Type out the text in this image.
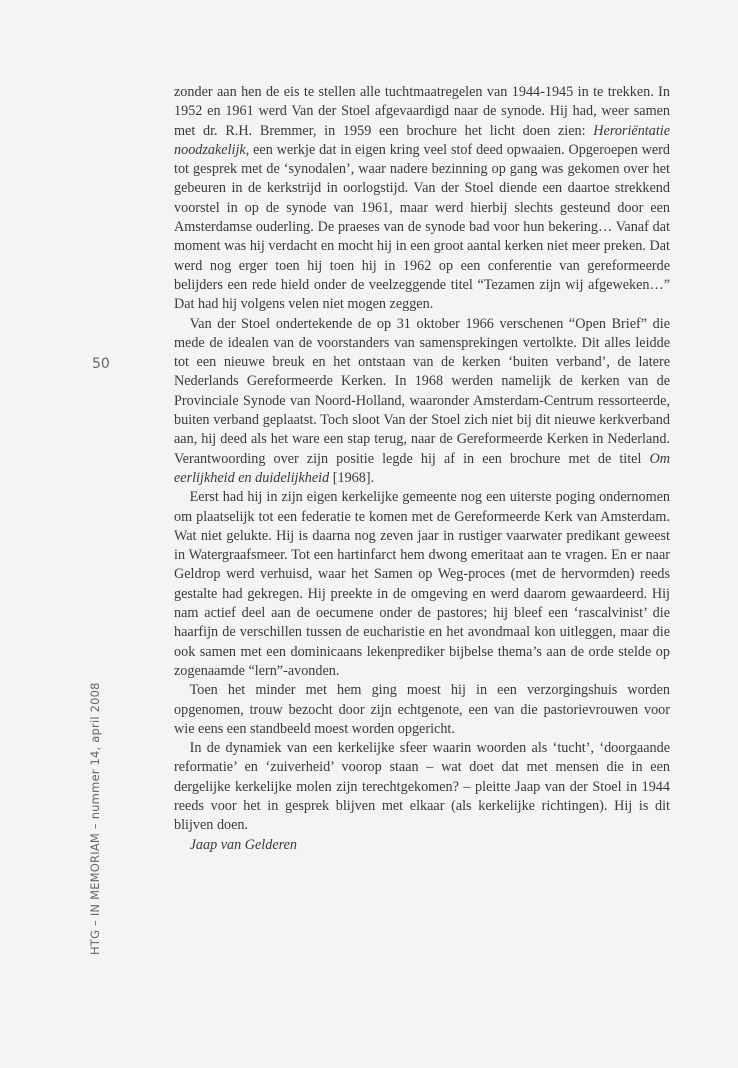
50
HTG – IN MEMORIAM – nummer 14, april 2008

zonder aan hen de eis te stellen alle tuchtmaatregelen van 1944-1945 in te trekken. In 1952 en 1961 werd Van der Stoel afgevaardigd naar de synode. Hij had, weer samen met dr. R.H. Bremmer, in 1959 een brochure het licht doen zien: Heroriëntatie noodzakelijk, een werkje dat in eigen kring veel stof deed opwaaien. Opgeroepen werd tot gesprek met de ‘synodalen’, waar nadere bezinning op gang was gekomen over het gebeuren in de kerkstrijd in oorlogstijd. Van der Stoel diende een daartoe strekkend voorstel in op de synode van 1961, maar werd hierbij slechts gesteund door een Amsterdamse ouderling. De praeses van de synode bad voor hun bekering… Vanaf dat moment was hij verdacht en mocht hij in een groot aantal kerken niet meer preken. Dat werd nog erger toen hij toen hij in 1962 op een conferentie van gereformeerde belijders een rede hield onder de veelzeggende titel “Tezamen zijn wij afgeweken…” Dat had hij volgens velen niet mogen zeggen.

Van der Stoel ondertekende de op 31 oktober 1966 verschenen “Open Brief” die mede de idealen van de voorstanders van samensprekingen vertolkte. Dit alles leidde tot een nieuwe breuk en het ontstaan van de kerken ‘buiten verband’, de latere Nederlands Gereformeerde Kerken. In 1968 werden namelijk de kerken van de Provinciale Synode van Noord-Holland, waaronder Amsterdam-Centrum ressorteerde, buiten verband geplaatst. Toch sloot Van der Stoel zich niet bij dit nieuwe kerkverband aan, hij deed als het ware een stap terug, naar de Gereformeerde Kerken in Nederland. Verantwoording over zijn positie legde hij af in een brochure met de titel Om eerlijkheid en duidelijkheid [1968].

Eerst had hij in zijn eigen kerkelijke gemeente nog een uiterste poging ondernomen om plaatselijk tot een federatie te komen met de Gereformeerde Kerk van Amsterdam. Wat niet gelukte. Hij is daarna nog zeven jaar in rustiger vaarwater predikant geweest in Watergraafsmeer. Tot een hartinfarct hem dwong emeritaat aan te vragen. En er naar Geldrop werd verhuisd, waar het Samen op Weg-proces (met de hervormden) reeds gestalte had gekregen. Hij preekte in de omgeving en werd daarom gewaardeerd. Hij nam actief deel aan de oecumene onder de pastores; hij bleef een ‘rascalvinist’ die haarfijn de verschillen tussen de eucharistie en het avondmaal kon uitleggen, maar die ook samen met een dominicaans lekenprediker bijbelse thema’s aan de orde stelde op zogenaamde “lern”-avonden.

Toen het minder met hem ging moest hij in een verzorgingshuis worden opgenomen, trouw bezocht door zijn echtgenote, een van die pastorievrouwen voor wie eens een standbeeld moest worden opgericht.

In de dynamiek van een kerkelijke sfeer waarin woorden als ‘tucht’, ‘doorgaande reformatie’ en ‘zuiverheid’ voorop staan – wat doet dat met mensen die in een dergelijke kerkelijke molen zijn terechtgekomen? – pleitte Jaap van der Stoel in 1944 reeds voor het in gesprek blijven met elkaar (als kerkelijke richtingen). Hij is dit blijven doen.

Jaap van Gelderen
